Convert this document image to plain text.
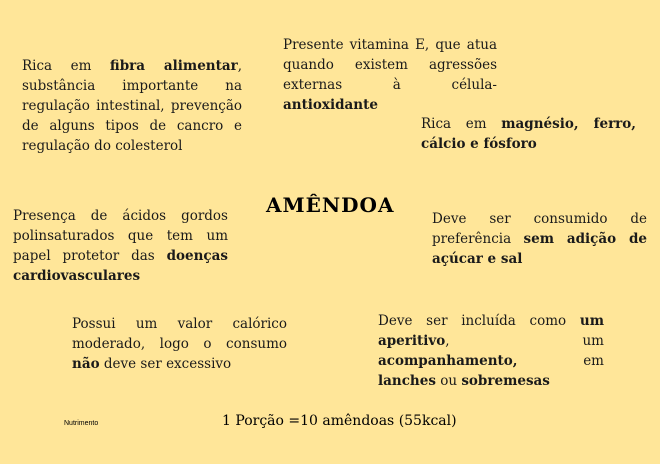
Rica em fibra alimentar, substância importante na regulação intestinal, prevenção de alguns tipos de cancro e regulação do colesterol
Presente vitamina E, que atua quando existem agressões externas à célula- antioxidante
Rica em magnésio, ferro, cálcio e fósforo
AMÊNDOA
Presença de ácidos gordos polinsaturados que tem um papel protetor das doenças cardiovasculares
Deve ser consumido de preferência sem adição de açúcar e sal
Possui um valor calórico moderado, logo o consumo não deve ser excessivo
Deve ser incluída como um aperitivo, um acompanhamento, em lanches ou sobremesas
Nutrimento	1 Porção =10 amêndoas (55kcal)
